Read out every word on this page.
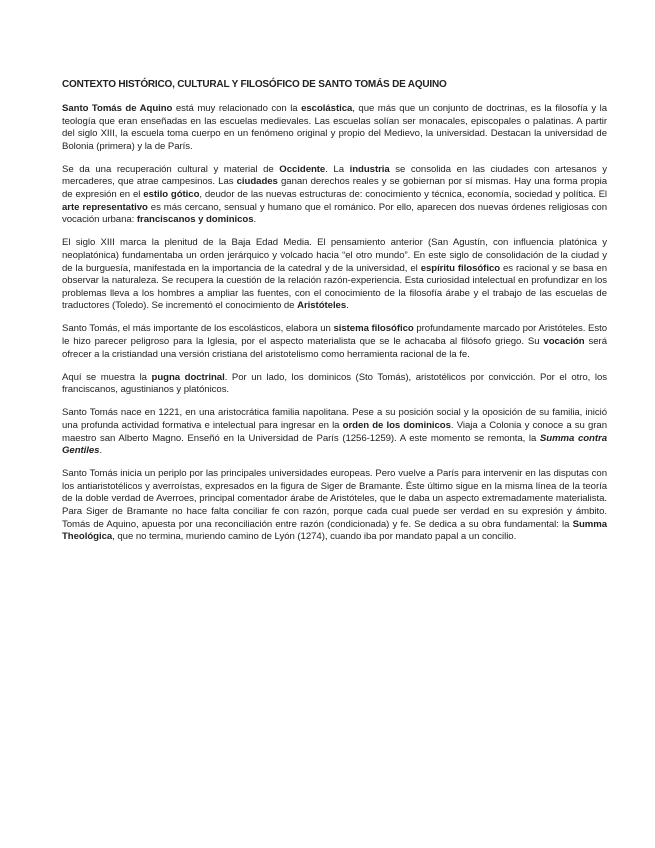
CONTEXTO HISTÓRICO, CULTURAL Y FILOSÓFICO DE SANTO TOMÁS DE AQUINO

Santo Tomás de Aquino está muy relacionado con la escolástica, que más que un conjunto de doctrinas, es la filosofía y la teología que eran enseñadas en las escuelas medievales. Las escuelas solían ser monacales, episcopales o palatinas. A partir del siglo XIII, la escuela toma cuerpo en un fenómeno original y propio del Medievo, la universidad. Destacan la universidad de Bolonia (primera) y la de París.

Se da una recuperación cultural y material de Occidente. La industria se consolida en las ciudades con artesanos y mercaderes, que atrae campesinos. Las ciudades ganan derechos reales y se gobiernan por sí mismas. Hay una forma propia de expresión en el estilo gótico, deudor de las nuevas estructuras de: conocimiento y técnica, economía, sociedad y política. El arte representativo es más cercano, sensual y humano que el románico. Por ello, aparecen dos nuevas órdenes religiosas con vocación urbana: franciscanos y dominicos.

El siglo XIII marca la plenitud de la Baja Edad Media. El pensamiento anterior (San Agustín, con influencia platónica y neoplatónica) fundamentaba un orden jerárquico y volcado hacia “el otro mundo”. En este siglo de consolidación de la ciudad y de la burguesía, manifestada en la importancia de la catedral y de la universidad, el espíritu filosófico es racional y se basa en observar la naturaleza. Se recupera la cuestión de la relación razón-experiencia. Esta curiosidad intelectual en profundizar en los problemas lleva a los hombres a ampliar las fuentes, con el conocimiento de la filosofía árabe y el trabajo de las escuelas de traductores (Toledo). Se incrementó el conocimiento de Aristóteles.

Santo Tomás, el más importante de los escolásticos, elabora un sistema filosófico profundamente marcado por Aristóteles. Esto le hizo parecer peligroso para la Iglesia, por el aspecto materialista que se le achacaba al filósofo griego. Su vocación será ofrecer a la cristiandad una versión cristiana del aristotelismo como herramienta racional de la fe.

Aquí se muestra la pugna doctrinal. Por un lado, los dominicos (Sto Tomás), aristotélicos por convicción. Por el otro, los franciscanos, agustinianos y platónicos.

Santo Tomás nace en 1221, en una aristocrática familia napolitana. Pese a su posición social y la oposición de su familia, inició una profunda actividad formativa e intelectual para ingresar en la orden de los dominicos. Viaja a Colonia y conoce a su gran maestro san Alberto Magno. Enseñó en la Universidad de París (1256-1259). A este momento se remonta, la Summa contra Gentiles.

Santo Tomás inicia un periplo por las principales universidades europeas. Pero vuelve a París para intervenir en las disputas con los antiaristotélicos y averroístas, expresados en la figura de Siger de Bramante. Éste último sigue en la misma línea de la teoría de la doble verdad de Averroes, principal comentador árabe de Aristóteles, que le daba un aspecto extremadamente materialista. Para Siger de Bramante no hace falta conciliar fe con razón, porque cada cual puede ser verdad en su expresión y ámbito. Tomás de Aquino, apuesta por una reconciliación entre razón (condicionada) y fe. Se dedica a su obra fundamental: la Summa Theológica, que no termina, muriendo camino de Lyón (1274), cuando iba por mandato papal a un concilio.
